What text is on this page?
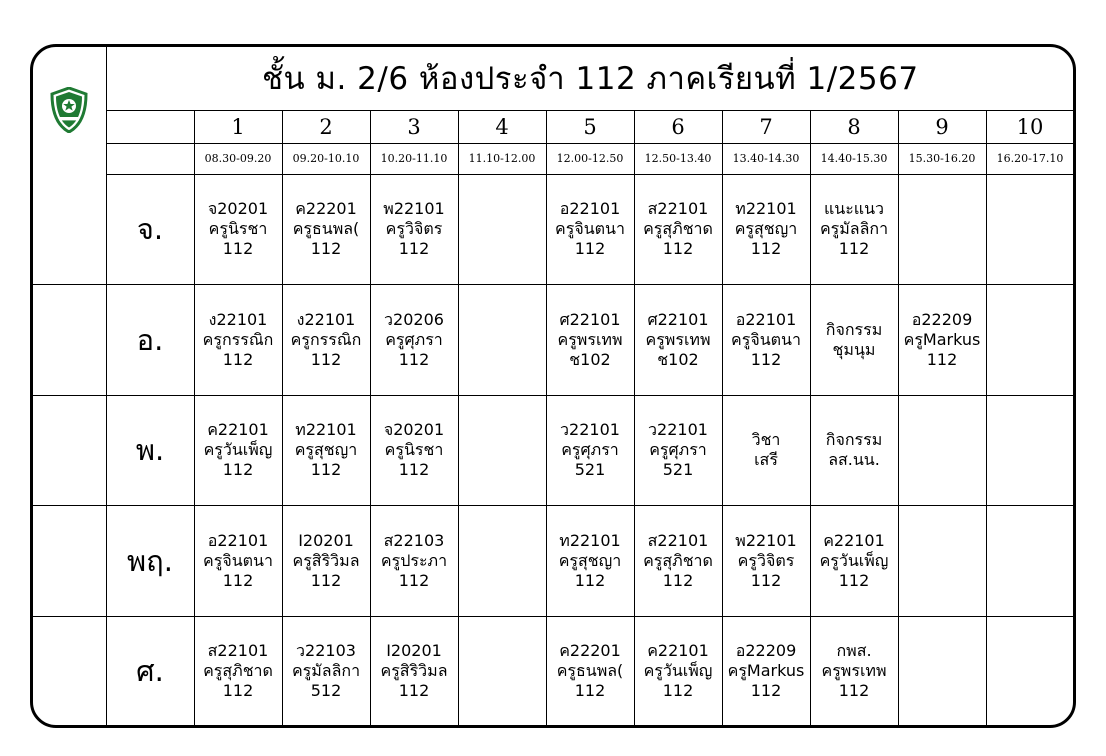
	ชั้น ม. 2/6 ห้องประจำ 112 ภาคเรียนที่ 1/2567										
		1	2	3	4	5	6	7	8	9	10
		08.30-09.20	09.20-10.10	10.20-11.10	11.10-12.00	12.00-12.50	12.50-13.40	13.40-14.30	14.40-15.30	15.30-16.20	16.20-17.10
	จ.	จ20201
ครูนิรชา
112	ค22201
ครูธนพล(
112	พ22101
ครูวิจิตร
112		อ22101
ครูจินตนา
112	ส22101
ครูสุภิชาด
112	ท22101
ครูสุชญา
112	แนะแนว
ครูมัลลิกา
112		

	อ.	ง22101
ครูกรรณิก
112	ง22101
ครูกรรณิก
112	ว20206
ครูศุภรา
112		ศ22101
ครูพรเทพ
ช102	ศ22101
ครูพรเทพ
ช102	อ22101
ครูจินตนา
112	กิจกรรม
ชุมนุม	อ22209
ครูMarkus
112	

	พ.	ค22101
ครูวันเพ็ญ
112	ท22101
ครูสุชญา
112	จ20201
ครูนิรชา
112		ว22101
ครูศุภรา
521	ว22101
ครูศุภรา
521	วิชา
เสรี	กิจกรรม
ลส.นน.		

	พฤ.	อ22101
ครูจินตนา
112	I20201
ครูสิริวิมล
112	ส22103
ครูประภา
112		ท22101
ครูสุชญา
112	ส22101
ครูสุภิชาด
112	พ22101
ครูวิจิตร
112	ค22101
ครูวันเพ็ญ
112		

	ศ.	ส22101
ครูสุภิชาด
112	ว22103
ครูมัลลิกา
512	I20201
ครูสิริวิมล
112		ค22201
ครูธนพล(
112	ค22101
ครูวันเพ็ญ
112	อ22209
ครูMarkus
112	กพส.
ครูพรเทพ
112		
